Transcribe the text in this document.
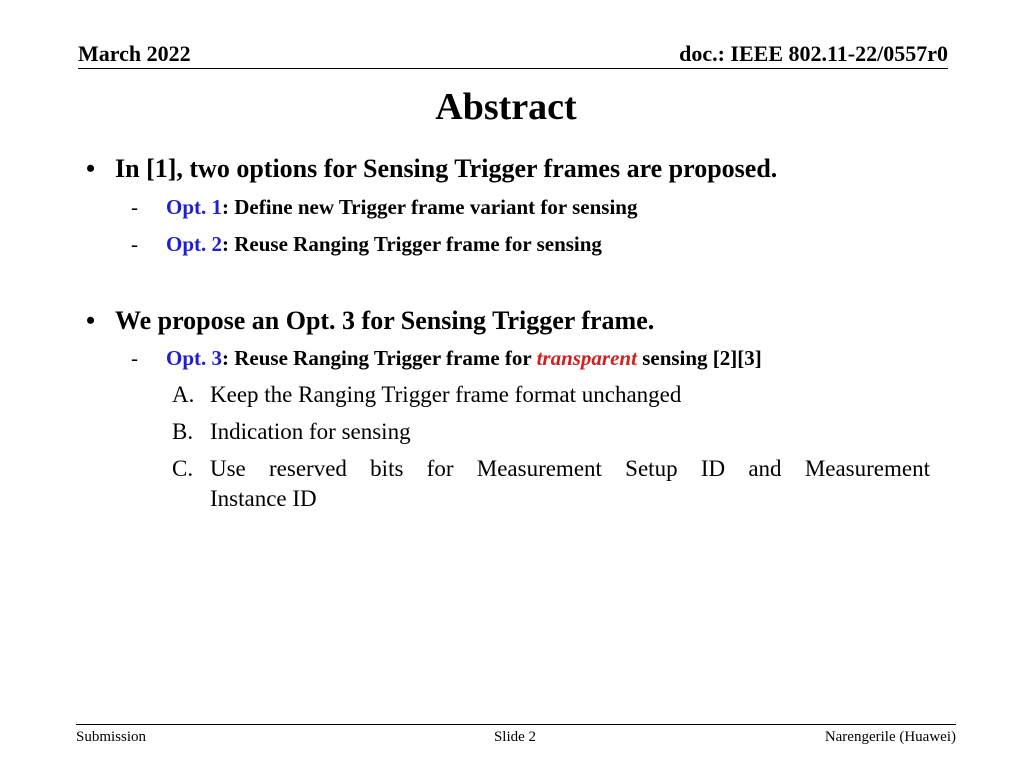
March 2022	doc.: IEEE 802.11-22/0557r0
Abstract
• In [1], two options for Sensing Trigger frames are proposed.
- Opt. 1: Define new Trigger frame variant for sensing
- Opt. 2: Reuse Ranging Trigger frame for sensing
• We propose an Opt. 3 for Sensing Trigger frame.
- Opt. 3: Reuse Ranging Trigger frame for transparent sensing [2][3]
A. Keep the Ranging Trigger frame format unchanged
B. Indication for sensing
C. Use reserved bits for Measurement Setup ID and Measurement
Instance ID
Submission	Slide 2	Narengerile (Huawei)
